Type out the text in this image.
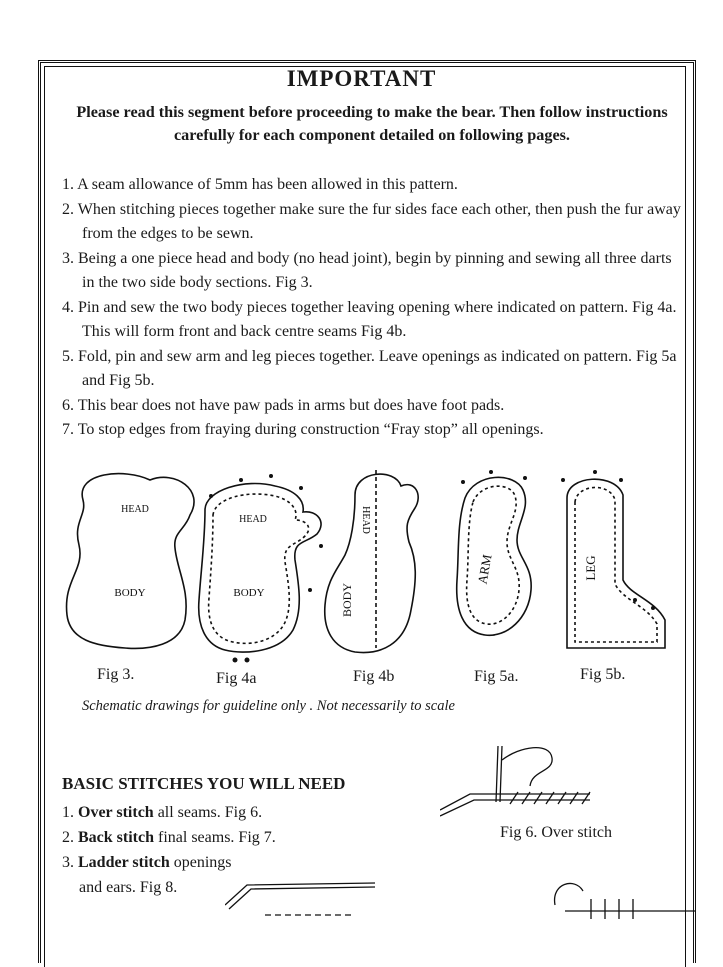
IMPORTANT
Please read this segment before proceeding to make the bear. Then follow instructions carefully for each component detailed on following pages.
1. A seam allowance of 5mm has been allowed in this pattern.
2. When stitching pieces together make sure the fur sides face each other, then push the fur away from the edges to be sewn.
3. Being a one piece head and body (no head joint), begin by pinning and sewing all three darts in the two side body sections. Fig 3.
4. Pin and sew the two body pieces together leaving opening where indicated on pattern. Fig 4a. This will form front and back centre seams Fig 4b.
5. Fold, pin and sew arm and leg pieces together. Leave openings as indicated on pattern. Fig 5a and Fig 5b.
6. This bear does not have paw pads in arms but does have foot pads.
7. To stop edges from fraying during construction “Fray stop” all openings.
HEAD
BODY
HEAD
BODY
HEAD
BODY
ARM	LEG
Fig 3.	Fig 4a	Fig 4b	Fig 5a.	Fig 5b.
Schematic drawings for guideline only . Not necessarily to scale
BASIC STITCHES YOU WILL NEED
1. Over stitch all seams. Fig 6.
2. Back stitch final seams. Fig 7.
3. Ladder stitch openings
and ears. Fig 8.
Fig 6. Over stitch
